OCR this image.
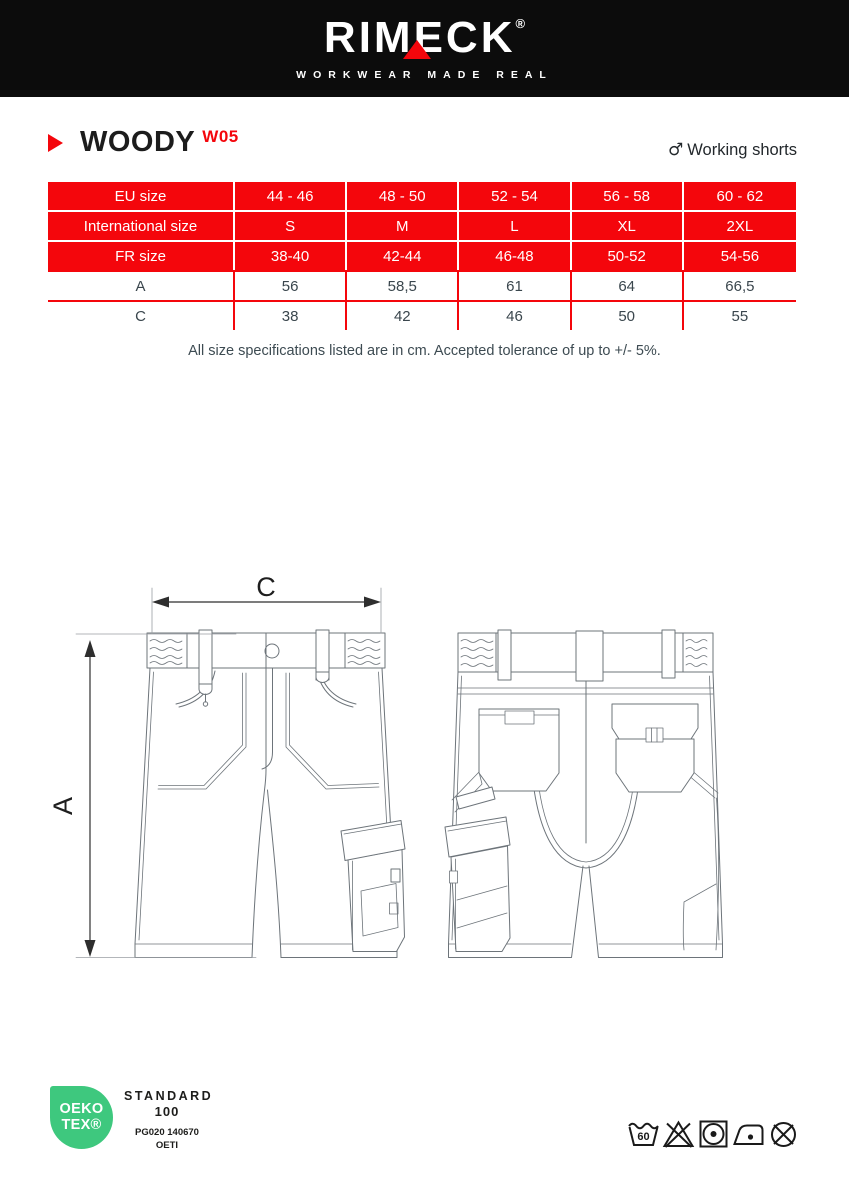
RIMECK®
WORKWEAR MADE REAL
WOODY $^{W05}$
♂ Working shorts
EU size	44 - 46	48 - 50	52 - 54	56 - 58	60 - 62
International size	S	M	L	XL	2XL
FR size	38-40	42-44	46-48	50-52	54-56
A	56	58,5	61	64	66,5
C	38	42	46	50	55
All size specifications listed are in cm. Accepted tolerance of up to +/- 5%.
C
A
OEKO
TEX®
STANDARD
100
PG020 140670
OETI
60
